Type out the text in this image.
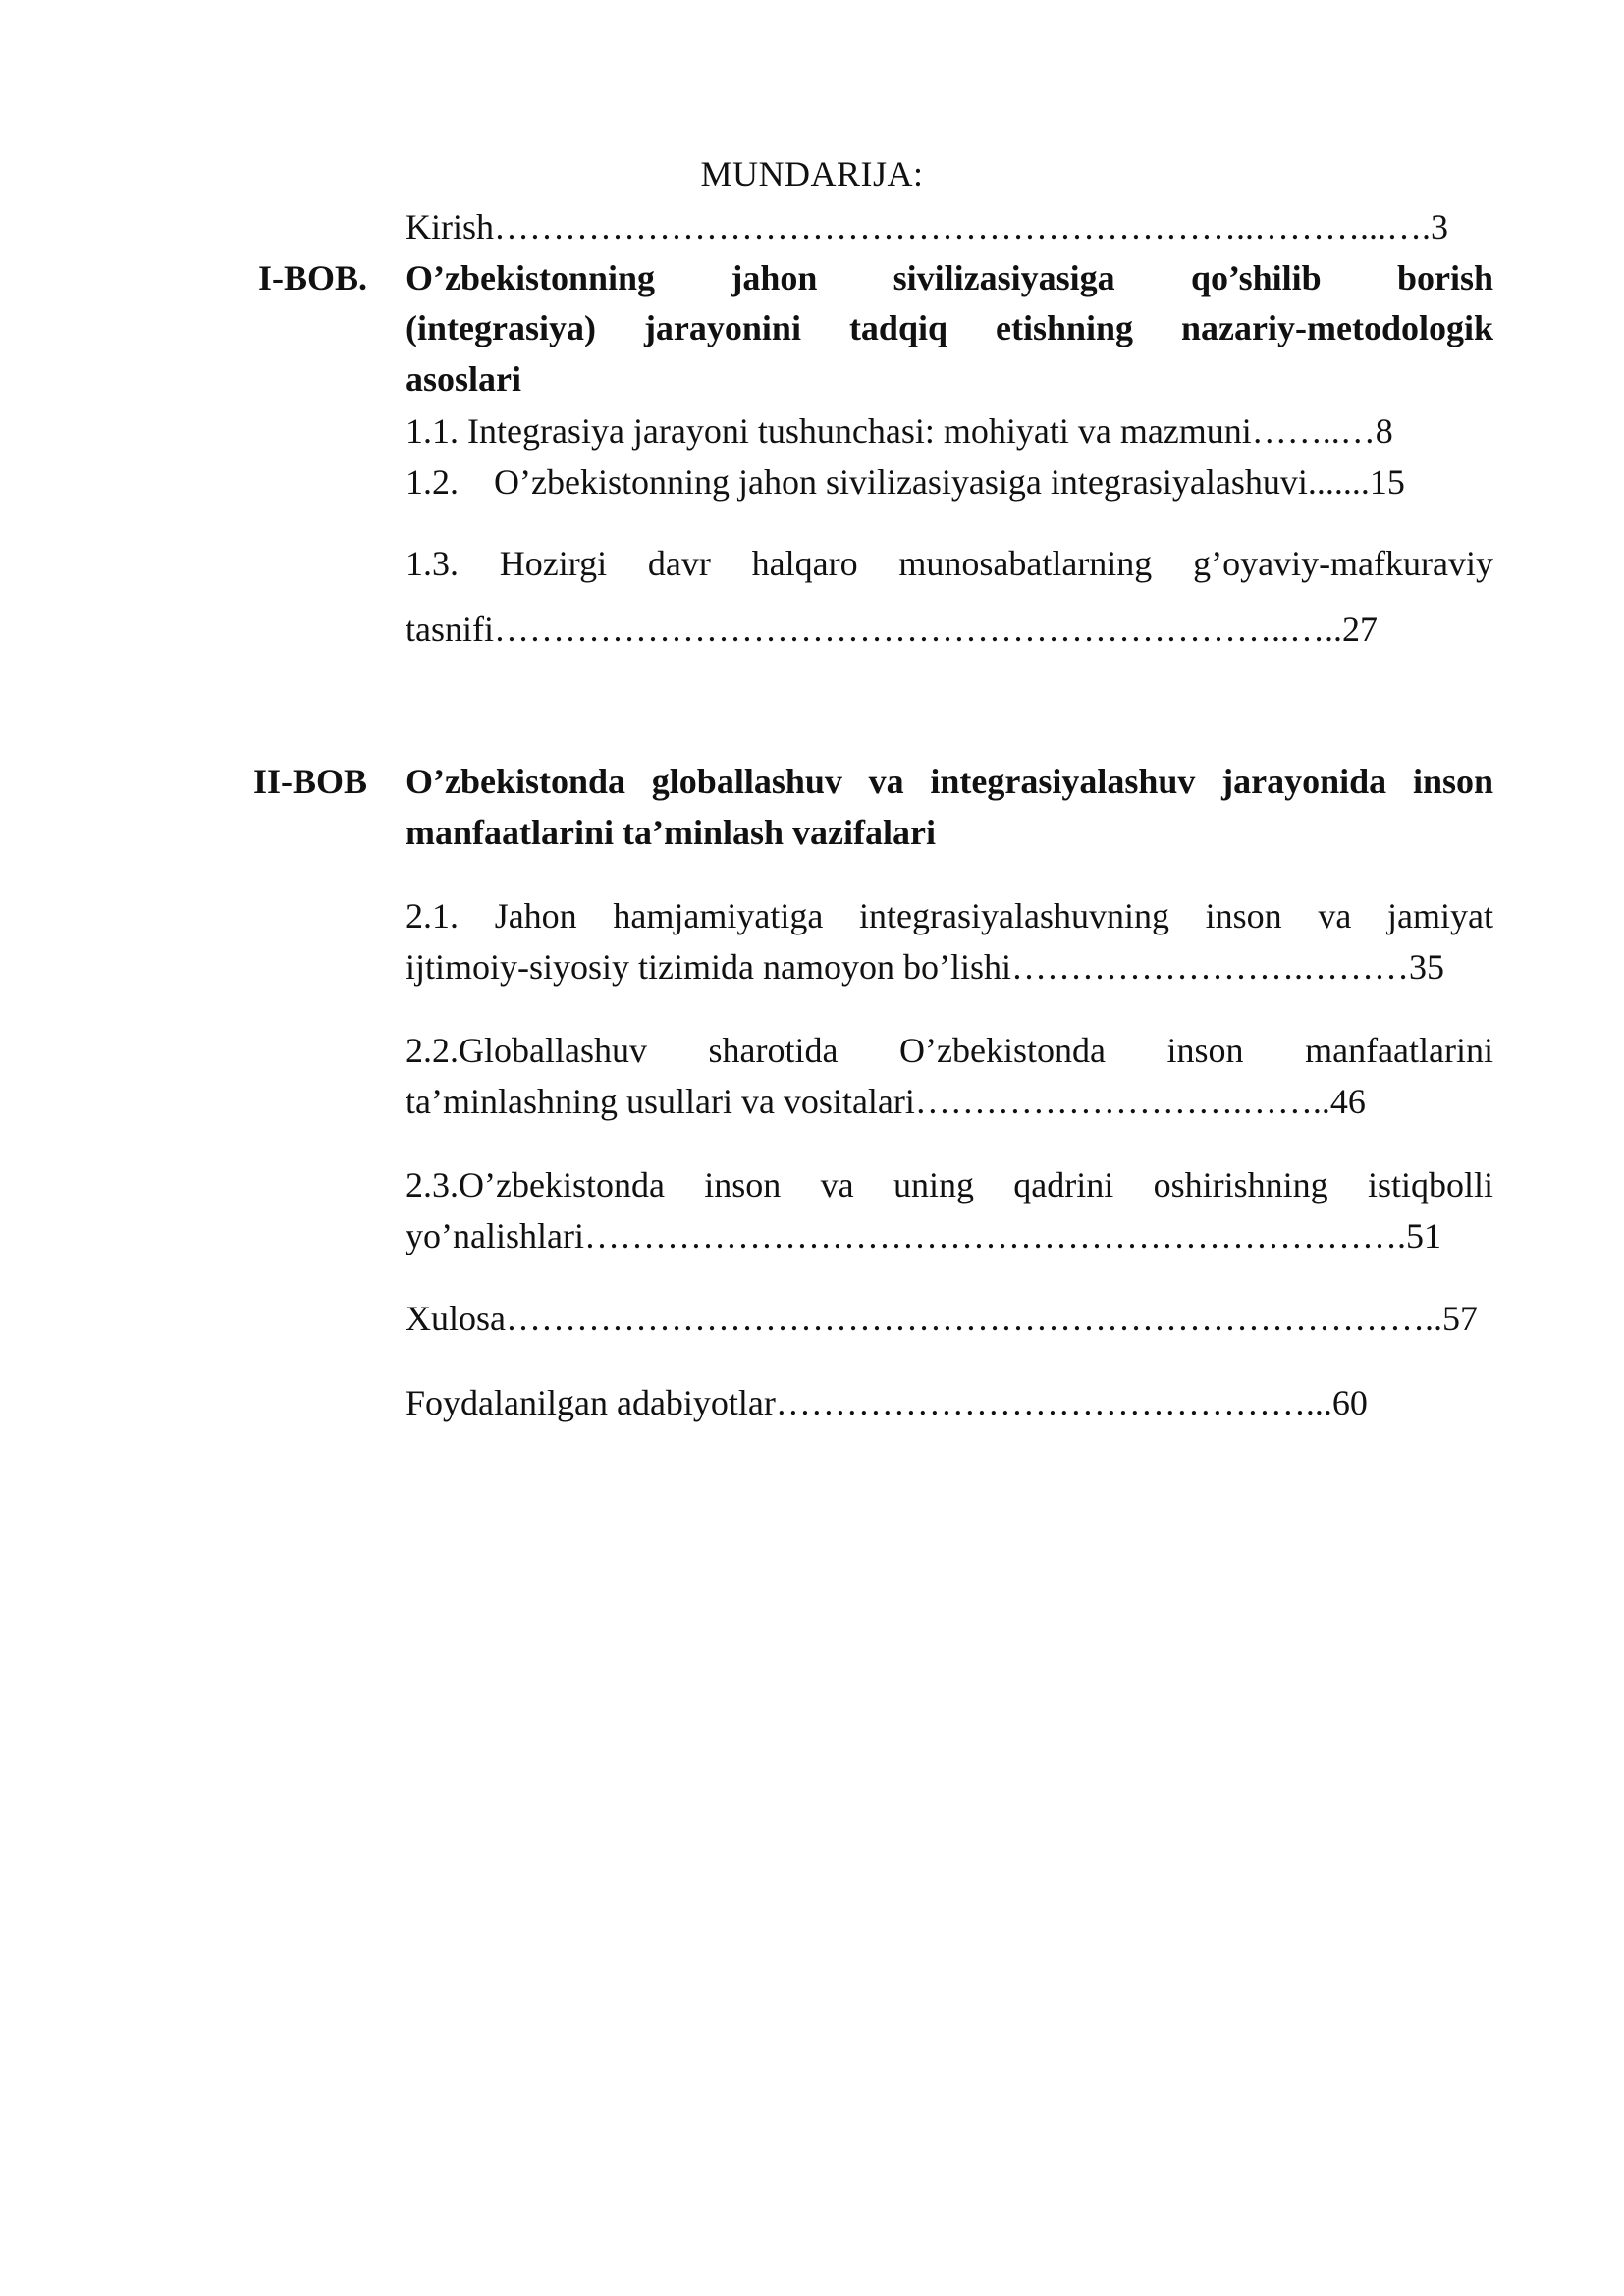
MUNDARIJA:
Kirish………………………………………………………..………...….3
I-BOB. O’zbekistonning jahon sivilizasiyasiga qo’shilib borish
(integrasiya) jarayonini tadqiq etishning nazariy-metodologik
asoslari
1.1. Integrasiya jarayoni tushunchasi: mohiyati va mazmuni……..…8
1.2.    O’zbekistonning jahon sivilizasiyasiga integrasiyalashuvi.......15
1.3. Hozirgi davr halqaro munosabatlarning g’oyaviy-mafkuraviy
tasnifi…………………………………………………………..…..27
II-BOB O’zbekistonda globallashuv va integrasiyalashuv jarayonida inson
manfaatlarini ta’minlash vazifalari
2.1. Jahon hamjamiyatiga integrasiyalashuvning inson va jamiyat
ijtimoiy-siyosiy tizimida namoyon bo’lishi…………………….………35
2.2.Globallashuv sharotida O’zbekistonda inson manfaatlarini
ta’minlashning usullari va vositalari……………………….……..46
2.3.O’zbekistonda inson va uning qadrini oshirishning istiqbolli
yo’nalishlari…………………………………………………………….51
Xulosa……………………………………………………………………..57
Foydalanilgan adabiyotlar………………………………………...60
